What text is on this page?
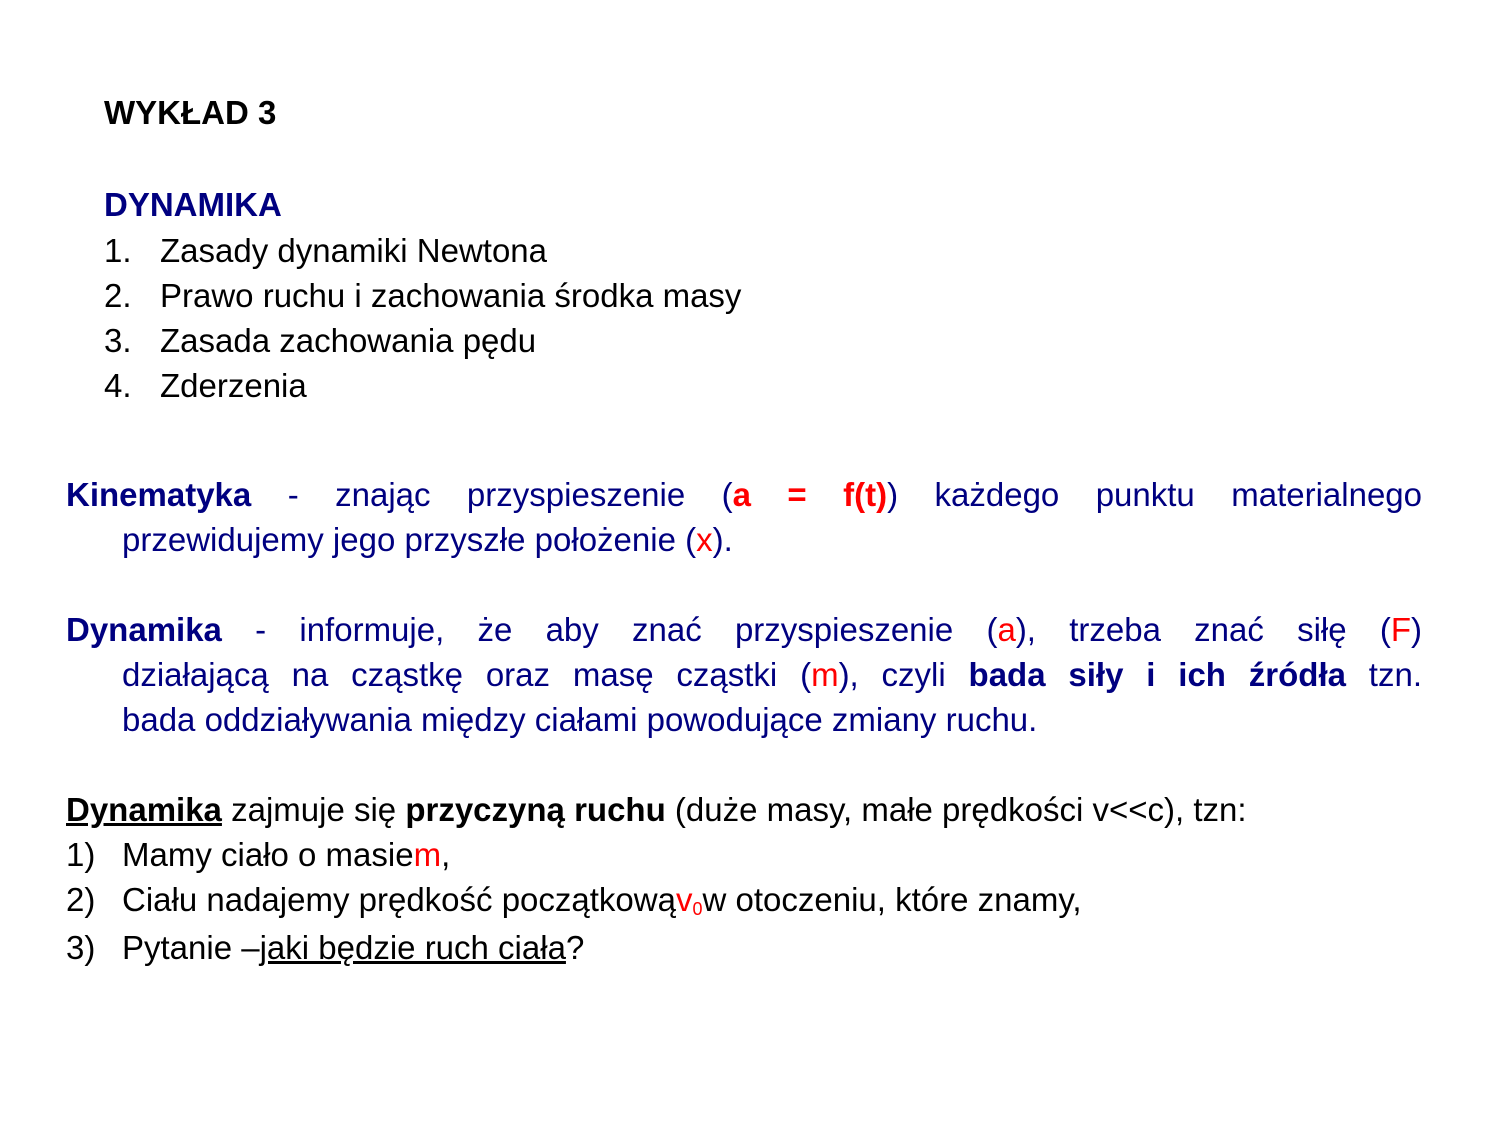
WYKŁAD 3
DYNAMIKA
1. Zasady dynamiki Newtona
2. Prawo ruchu i zachowania środka masy
3. Zasada zachowania pędu
4. Zderzenia
Kinematyka - znając przyspieszenie (a = f(t)) każdego punktu materialnego
przewidujemy jego przyszłe położenie (x).
Dynamika - informuje, że aby znać przyspieszenie (a), trzeba znać siłę (F)
działającą na cząstkę oraz masę cząstki (m), czyli bada siły i ich źródła tzn.
bada oddziaływania między ciałami powodujące zmiany ruchu.
Dynamika zajmuje się przyczyną ruchu (duże masy, małe prędkości v<<c), tzn:
1) Mamy ciało o masie m ,
2) Ciału nadajemy prędkość początkową $v_0$ w otoczeniu, które znamy,
3) Pytanie – jaki będzie ruch ciała ?
